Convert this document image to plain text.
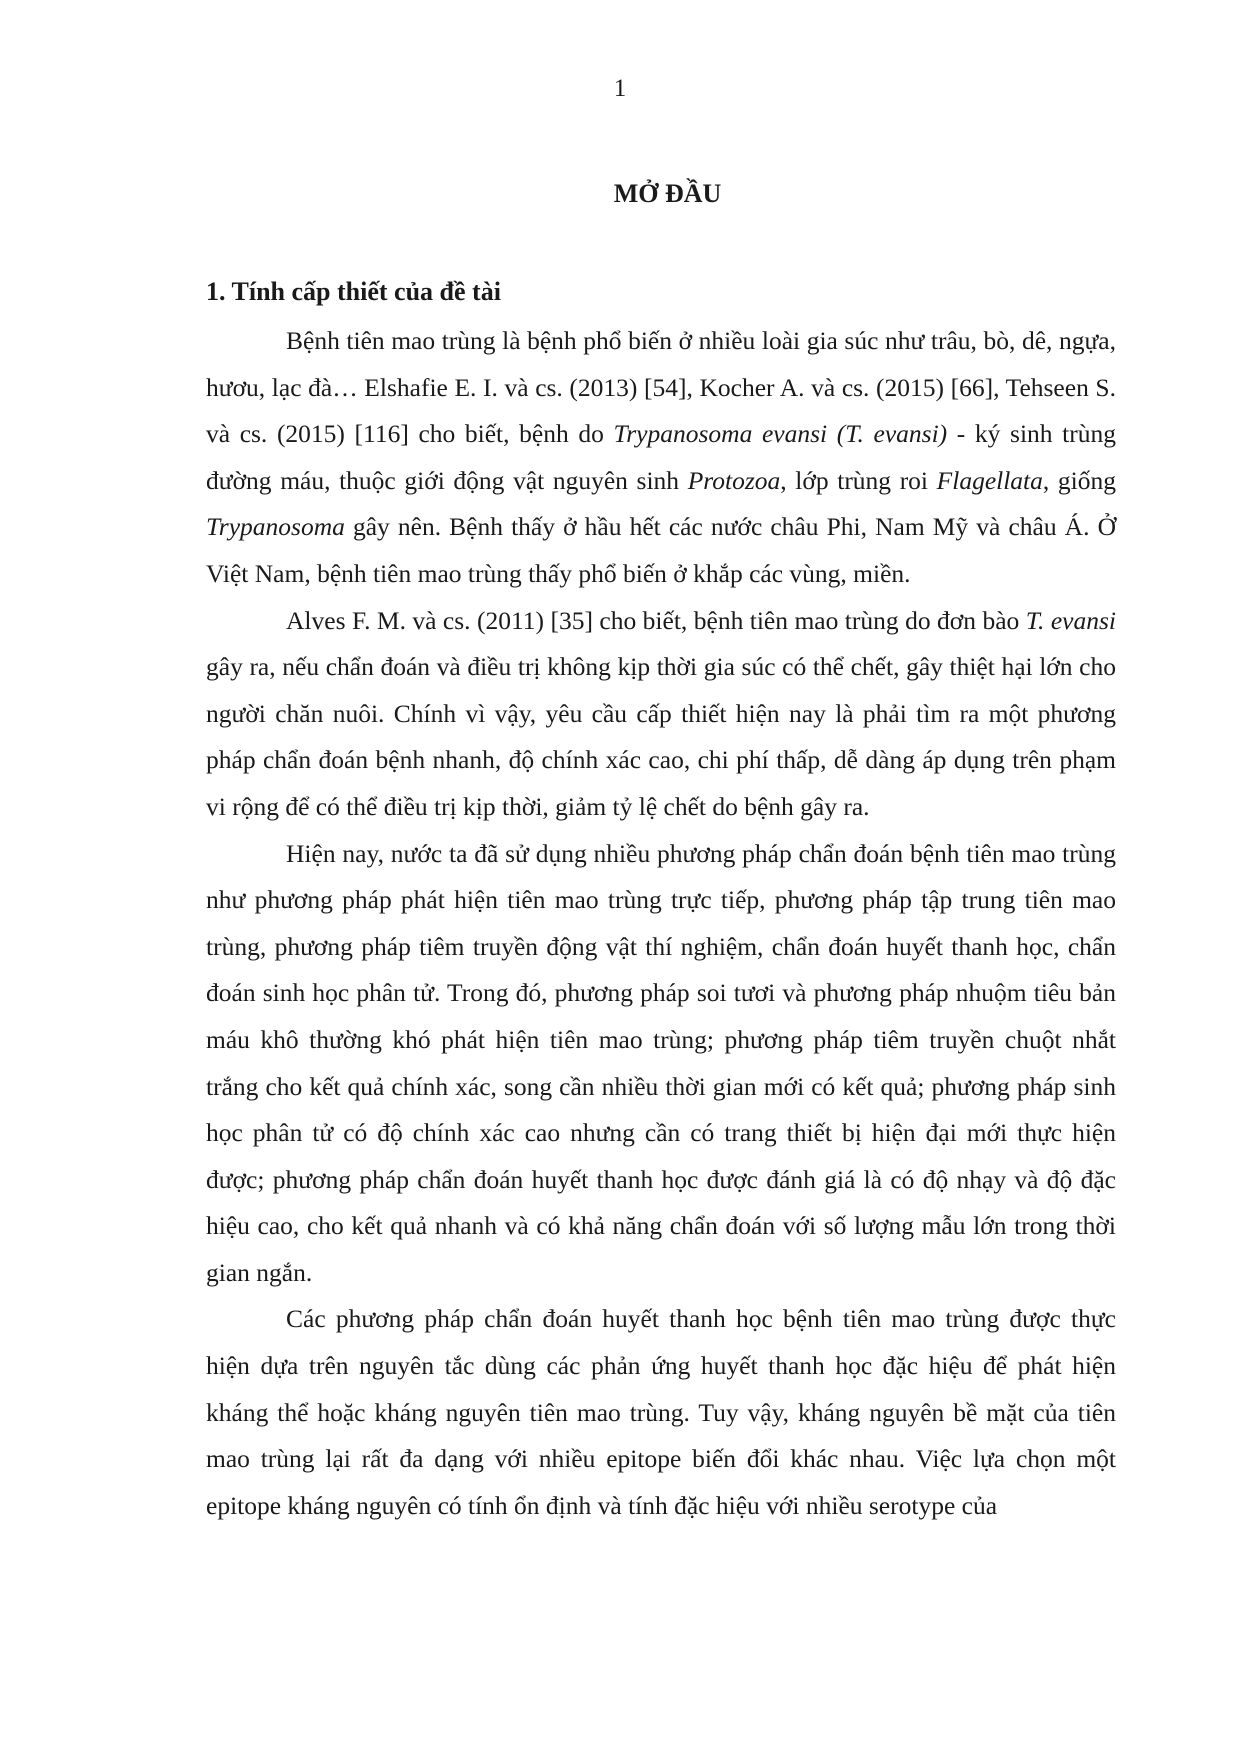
1
MỞ ĐẦU
1. Tính cấp thiết của đề tài

Bệnh tiên mao trùng là bệnh phổ biến ở nhiều loài gia súc như trâu, bò, dê, ngựa, hươu, lạc đà… Elshafie E. I. và cs. (2013) [54], Kocher A. và cs. (2015) [66], Tehseen S. và cs. (2015) [116] cho biết, bệnh do Trypanosoma evansi (T. evansi) - ký sinh trùng đường máu, thuộc giới động vật nguyên sinh Protozoa, lớp trùng roi Flagellata, giống Trypanosoma gây nên. Bệnh thấy ở hầu hết các nước châu Phi, Nam Mỹ và châu Á. Ở Việt Nam, bệnh tiên mao trùng thấy phổ biến ở khắp các vùng, miền.

Alves F. M. và cs. (2011) [35] cho biết, bệnh tiên mao trùng do đơn bào T. evansi gây ra, nếu chẩn đoán và điều trị không kịp thời gia súc có thể chết, gây thiệt hại lớn cho người chăn nuôi. Chính vì vậy, yêu cầu cấp thiết hiện nay là phải tìm ra một phương pháp chẩn đoán bệnh nhanh, độ chính xác cao, chi phí thấp, dễ dàng áp dụng trên phạm vi rộng để có thể điều trị kịp thời, giảm tỷ lệ chết do bệnh gây ra.

Hiện nay, nước ta đã sử dụng nhiều phương pháp chẩn đoán bệnh tiên mao trùng như phương pháp phát hiện tiên mao trùng trực tiếp, phương pháp tập trung tiên mao trùng, phương pháp tiêm truyền động vật thí nghiệm, chẩn đoán huyết thanh học, chẩn đoán sinh học phân tử. Trong đó, phương pháp soi tươi và phương pháp nhuộm tiêu bản máu khô thường khó phát hiện tiên mao trùng; phương pháp tiêm truyền chuột nhắt trắng cho kết quả chính xác, song cần nhiều thời gian mới có kết quả; phương pháp sinh học phân tử có độ chính xác cao nhưng cần có trang thiết bị hiện đại mới thực hiện được; phương pháp chẩn đoán huyết thanh học được đánh giá là có độ nhạy và độ đặc hiệu cao, cho kết quả nhanh và có khả năng chẩn đoán với số lượng mẫu lớn trong thời gian ngắn.

Các phương pháp chẩn đoán huyết thanh học bệnh tiên mao trùng được thực hiện dựa trên nguyên tắc dùng các phản ứng huyết thanh học đặc hiệu để phát hiện kháng thể hoặc kháng nguyên tiên mao trùng. Tuy vậy, kháng nguyên bề mặt của tiên mao trùng lại rất đa dạng với nhiều epitope biến đổi khác nhau. Việc lựa chọn một epitope kháng nguyên có tính ổn định và tính đặc hiệu với nhiều serotype của
